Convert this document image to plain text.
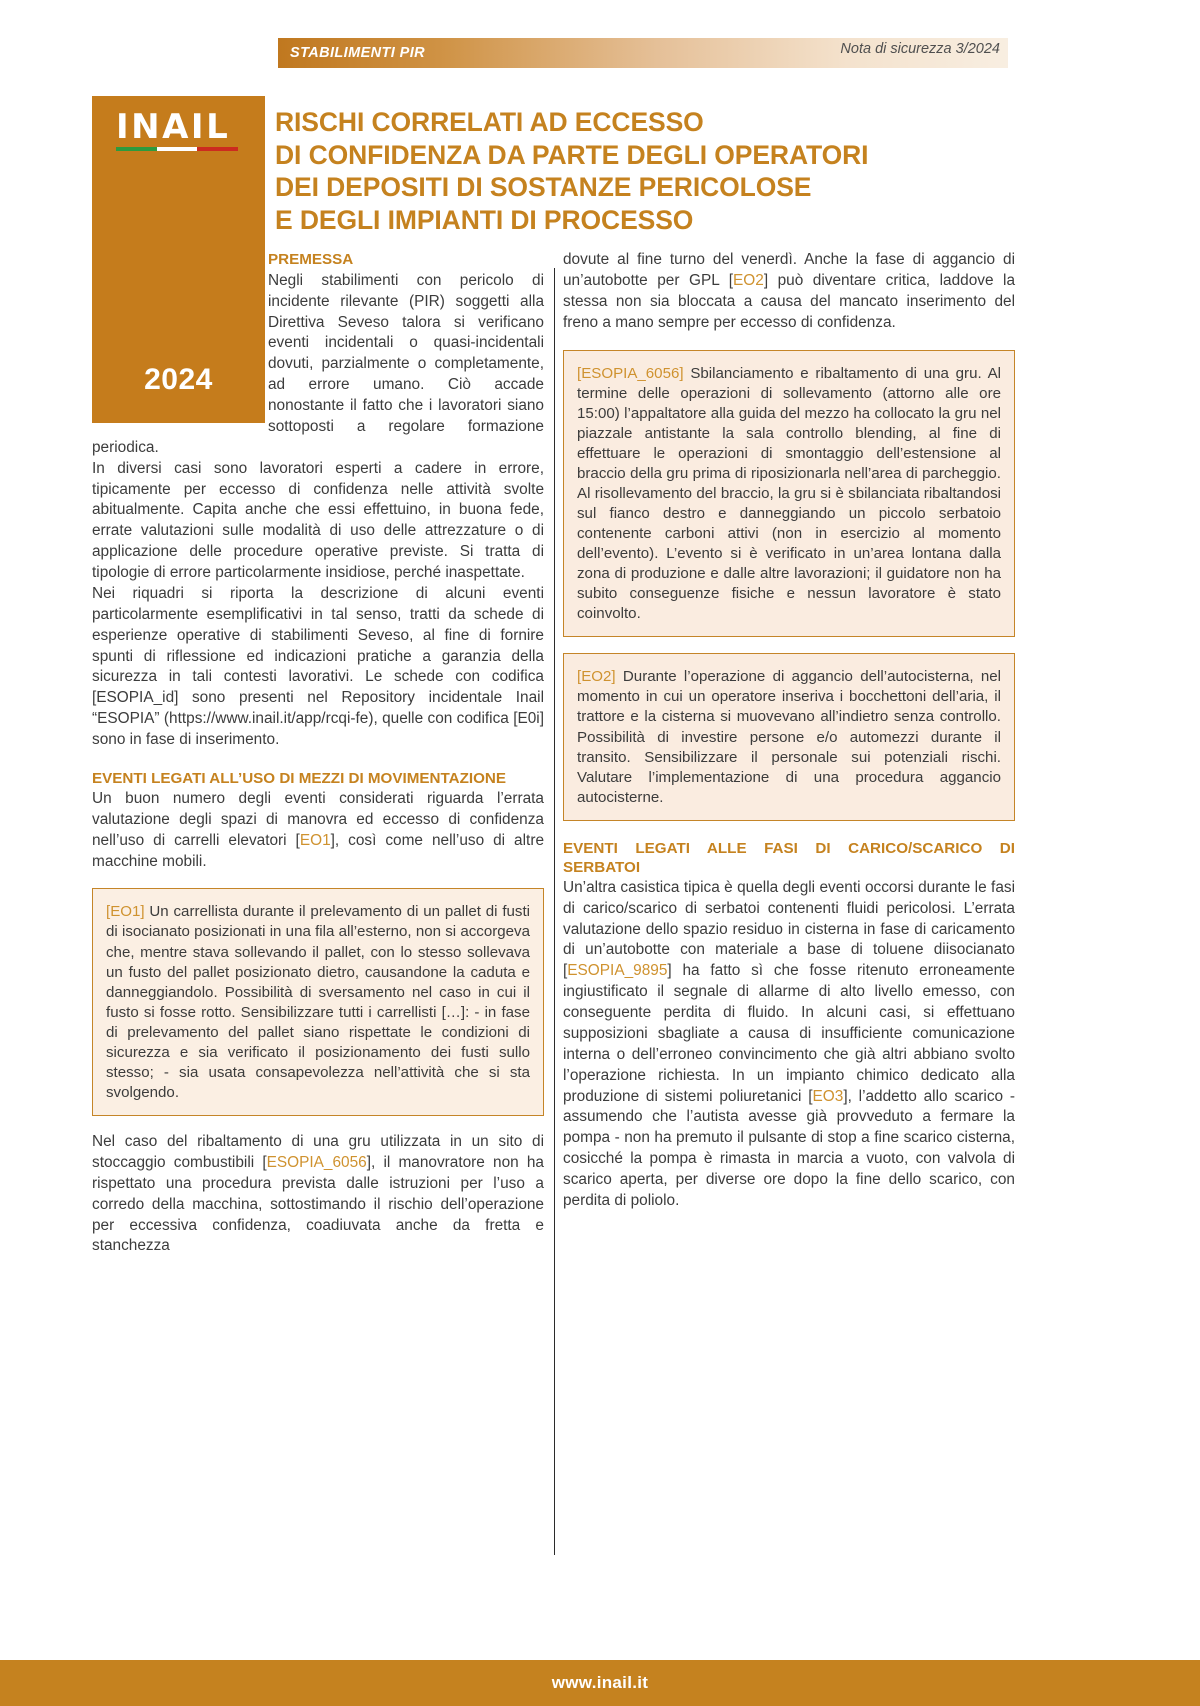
STABILIMENTI PIR	Nota di sicurezza 3/2024
INAIL
2024
RISCHI CORRELATI AD ECCESSO
DI CONFIDENZA DA PARTE DEGLI OPERATORI
DEI DEPOSITI DI SOSTANZE PERICOLOSE
E DEGLI IMPIANTI DI PROCESSO
PREMESSA

Negli stabilimenti con pericolo di incidente rilevante (PIR) soggetti alla Direttiva Seveso talora si verificano eventi incidentali o quasi-incidentali dovuti, parzialmente o completamente, ad errore umano. Ciò accade nonostante il fatto che i lavoratori siano sottoposti a regolare formazione periodica.

In diversi casi sono lavoratori esperti a cadere in errore, tipicamente per eccesso di confidenza nelle attività svolte abitualmente. Capita anche che essi effettuino, in buona fede, errate valutazioni sulle modalità di uso delle attrezzature o di applicazione delle procedure operative previste. Si tratta di tipologie di errore particolarmente insidiose, perché inaspettate.

Nei riquadri si riporta la descrizione di alcuni eventi particolarmente esemplificativi in tal senso, tratti da schede di esperienze operative di stabilimenti Seveso, al fine di fornire spunti di riflessione ed indicazioni pratiche a garanzia della sicurezza in tali contesti lavorativi. Le schede con codifica [ESOPIA_id] sono presenti nel Repository incidentale Inail “ESOPIA” (https://www.inail.it/app/rcqi-fe), quelle con codifica [E0i] sono in fase di inserimento.

EVENTI LEGATI ALL’USO DI MEZZI DI MOVIMENTAZIONE

Un buon numero degli eventi considerati riguarda l’errata valutazione degli spazi di manovra ed eccesso di confidenza nell’uso di carrelli elevatori [EO1], così come nell’uso di altre macchine mobili.

[EO1] Un carrellista durante il prelevamento di un pallet di fusti di isocianato posizionati in una fila all’esterno, non si accorgeva che, mentre stava sollevando il pallet, con lo stesso sollevava un fusto del pallet posizionato dietro, causandone la caduta e danneggiandolo. Possibilità di sversamento nel caso in cui il fusto si fosse rotto. Sensibilizzare tutti i carrellisti […]: - in fase di prelevamento del pallet siano rispettate le condizioni di sicurezza e sia verificato il posizionamento dei fusti sullo stesso; - sia usata consapevolezza nell’attività che si sta svolgendo.

Nel caso del ribaltamento di una gru utilizzata in un sito di stoccaggio combustibili [ESOPIA_6056], il manovratore non ha rispettato una procedura prevista dalle istruzioni per l’uso a corredo della macchina, sottostimando il rischio dell’operazione per eccessiva confidenza, coadiuvata anche da fretta e stanchezza

dovute al fine turno del venerdì. Anche la fase di aggancio di un’autobotte per GPL [EO2] può diventare critica, laddove la stessa non sia bloccata a causa del mancato inserimento del freno a mano sempre per eccesso di confidenza.

[ESOPIA_6056] Sbilanciamento e ribaltamento di una gru. Al termine delle operazioni di sollevamento (attorno alle ore 15:00) l’appaltatore alla guida del mezzo ha collocato la gru nel piazzale antistante la sala controllo blending, al fine di effettuare le operazioni di smontaggio dell’estensione al braccio della gru prima di riposizionarla nell’area di parcheggio. Al risollevamento del braccio, la gru si è sbilanciata ribaltandosi sul fianco destro e danneggiando un piccolo serbatoio contenente carboni attivi (non in esercizio al momento dell’evento). L’evento si è verificato in un’area lontana dalla zona di produzione e dalle altre lavorazioni; il guidatore non ha subito conseguenze fisiche e nessun lavoratore è stato coinvolto.
[EO2] Durante l’operazione di aggancio dell’autocisterna, nel momento in cui un operatore inseriva i bocchettoni dell’aria, il trattore e la cisterna si muovevano all’indietro senza controllo. Possibilità di investire persone e/o automezzi durante il transito. Sensibilizzare il personale sui potenziali rischi. Valutare l’implementazione di una procedura aggancio autocisterne.
EVENTI LEGATI ALLE FASI DI CARICO/SCARICO DI SERBATOI

Un’altra casistica tipica è quella degli eventi occorsi durante le fasi di carico/scarico di serbatoi contenenti fluidi pericolosi. L’errata valutazione dello spazio residuo in cisterna in fase di caricamento di un’autobotte con materiale a base di toluene diisocianato [ESOPIA_9895] ha fatto sì che fosse ritenuto erroneamente ingiustificato il segnale di allarme di alto livello emesso, con conseguente perdita di fluido. In alcuni casi, si effettuano supposizioni sbagliate a causa di insufficiente comunicazione interna o dell’erroneo convincimento che già altri abbiano svolto l’operazione richiesta. In un impianto chimico dedicato alla produzione di sistemi poliuretanici [EO3], l’addetto allo scarico - assumendo che l’autista avesse già provveduto a fermare la pompa - non ha premuto il pulsante di stop a fine scarico cisterna, cosicché la pompa è rimasta in marcia a vuoto, con valvola di scarico aperta, per diverse ore dopo la fine dello scarico, con perdita di poliolo.

www.inail.it
